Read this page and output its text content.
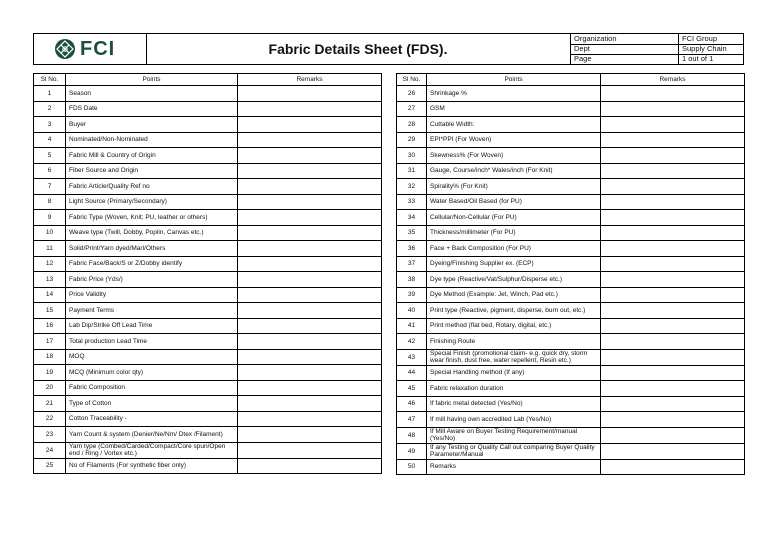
FCI	Fabric Details Sheet (FDS).
Organization	FCI Group
Dept	Supply Chain
Page	1 out of 1
Sl No.	Points	Remarks
1	Season	
2	FDS Date	
3	Buyer	
4	Nominated/Non-Nominated	
5	Fabric Mill & Country of Origin	
6	Fiber Source and Origin	
7	Fabric Article/Quality Ref no	
8	Light Source (Primary/Secondary)	
9	Fabric Type (Woven, Knit; PU, leather or others)	
10	Weave type (Twill, Dobby, Poplin, Canvas etc.)	
11	Solid/Print/Yarn dyed/Marl/Others	
12	Fabric Face/Back/S or Z/Dobby identify	
13	Fabric Price (Yds/)	
14	Price Validity	
15	Payment Terms	
16	Lab Dip/Strike Off Lead Time	
17	Total production Lead Time	
18	MOQ	
19	MCQ (Minimum color qty)	
20	Fabric Composition	
21	Type of Cotton	
22	Cotton Traceability -	
23	Yarn Count & system (Denier/Ne/Nm/ Dtex /Filament)	
24	Yarn type (Combed/Carded/Compact/Core spun/Open end / Ring / Vortex etc.)	
25	No of Filaments (For synthetic fiber only)	
Sl No.	Points	Remarks
26	Shrinkage %	
27	GSM	
28	Cuttable Width:	
29	EPI*PPI (For Woven)	
30	Skewness% (For Woven)	
31	Gauge, Course/inch* Wales/inch (For Knit)	
32	Spirality% (For Knit)	
33	Water Based/Oil Based (for PU)	
34	Cellular/Non-Cellular (For PU)	
35	Thickness/millimeter (For PU)	
36	Face + Back Composition (For PU)	
37	Dyeing/Finishing Supplier ex. (ECP)	
38	Dye type (Reactive/Vat/Sulphur/Disperse etc.)	
39	Dye Method (Example: Jet, Winch, Pad etc.)	
40	Print type (Reactive, pigment, disperse, burn out, etc.)	
41	Print method (flat bed, Rotary, digital, etc.)	
42	Finishing Route	
43	Special Finish (promotional claim- e.g. quick dry, storm wear finish, dust free, water repellent, Resin etc.)	
44	Special Handling method (If any)	
45	Fabric relaxation duration	
46	If fabric metal detected (Yes/No)	
47	If mill having own accredited Lab (Yes/No)	
48	If Mill Aware on Buyer Testing Requirement/manual (Yes/No)	
49	If any Testing or Quality Call out comparing Buyer Quality Parameter/Manual	
50	Remarks	
